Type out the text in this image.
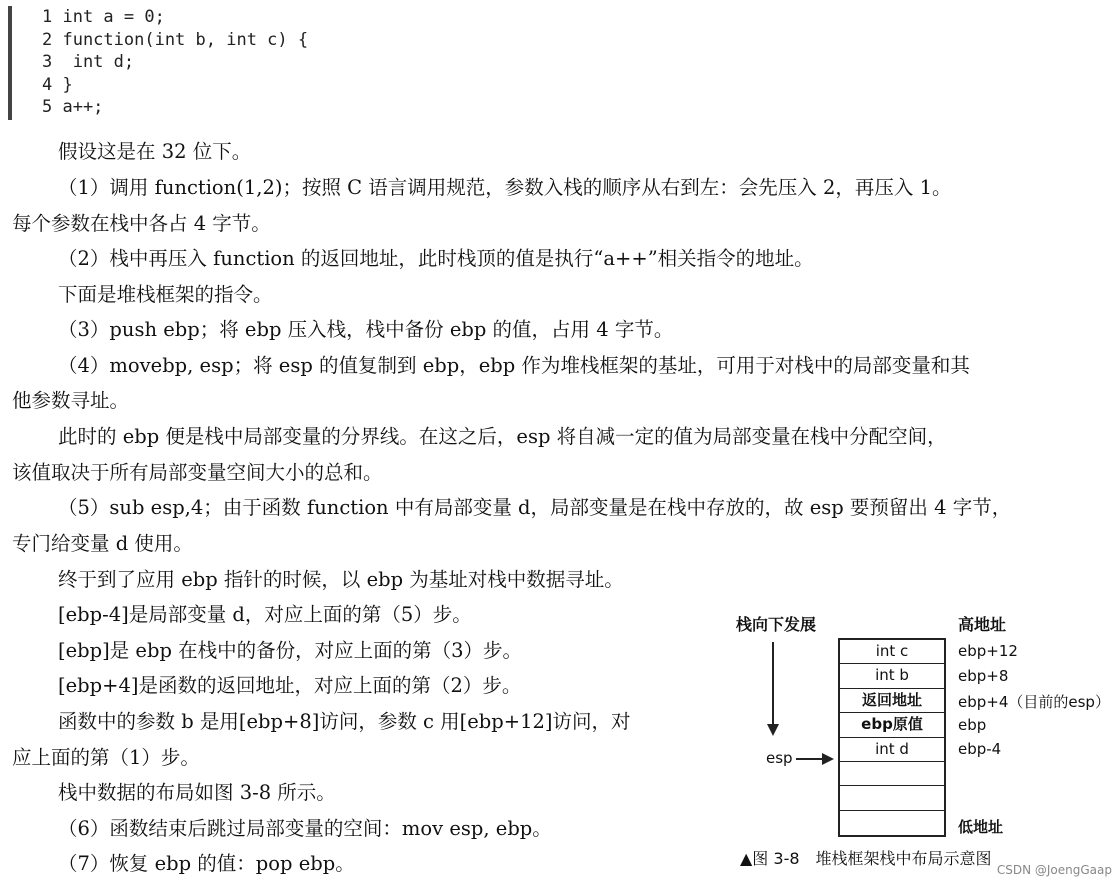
1 int a = 0;
2 function(int b, int c) {
3  int d;
4 }
5 a++;

假设这是在 32 位下。

（1）调用 function(1,2)；按照 C 语言调用规范，参数入栈的顺序从右到左：会先压入 2，再压入 1。

每个参数在栈中各占 4 字节。

（2）栈中再压入 function 的返回地址，此时栈顶的值是执行“a++”相关指令的地址。

下面是堆栈框架的指令。

（3）push ebp；将 ebp 压入栈，栈中备份 ebp 的值，占用 4 字节。

（4）movebp, esp；将 esp 的值复制到 ebp，ebp 作为堆栈框架的基址，可用于对栈中的局部变量和其

他参数寻址。

此时的 ebp 便是栈中局部变量的分界线。在这之后，esp 将自减一定的值为局部变量在栈中分配空间，

该值取决于所有局部变量空间大小的总和。

（5）sub esp,4；由于函数 function 中有局部变量 d，局部变量是在栈中存放的，故 esp 要预留出 4 字节，

专门给变量 d 使用。

终于到了应用 ebp 指针的时候，以 ebp 为基址对栈中数据寻址。

[ebp-4]是局部变量 d，对应上面的第（5）步。

[ebp]是 ebp 在栈中的备份，对应上面的第（3）步。

[ebp+4]是函数的返回地址，对应上面的第（2）步。

函数中的参数 b 是用[ebp+8]访问，参数 c 用[ebp+12]访问，对

应上面的第（1）步。

栈中数据的布局如图 3-8 所示。

（6）函数结束后跳过局部变量的空间：mov esp, ebp。

（7）恢复 ebp 的值：pop ebp。

栈向下发展	高地址
int c
int b
返回地址
ebp原值
int d
ebp+12
ebp+8
ebp+4（目前的esp）
ebp
ebp-4
esp
低地址
▲图 3-8　堆栈框架栈中布局示意图
CSDN @JoengGaap
